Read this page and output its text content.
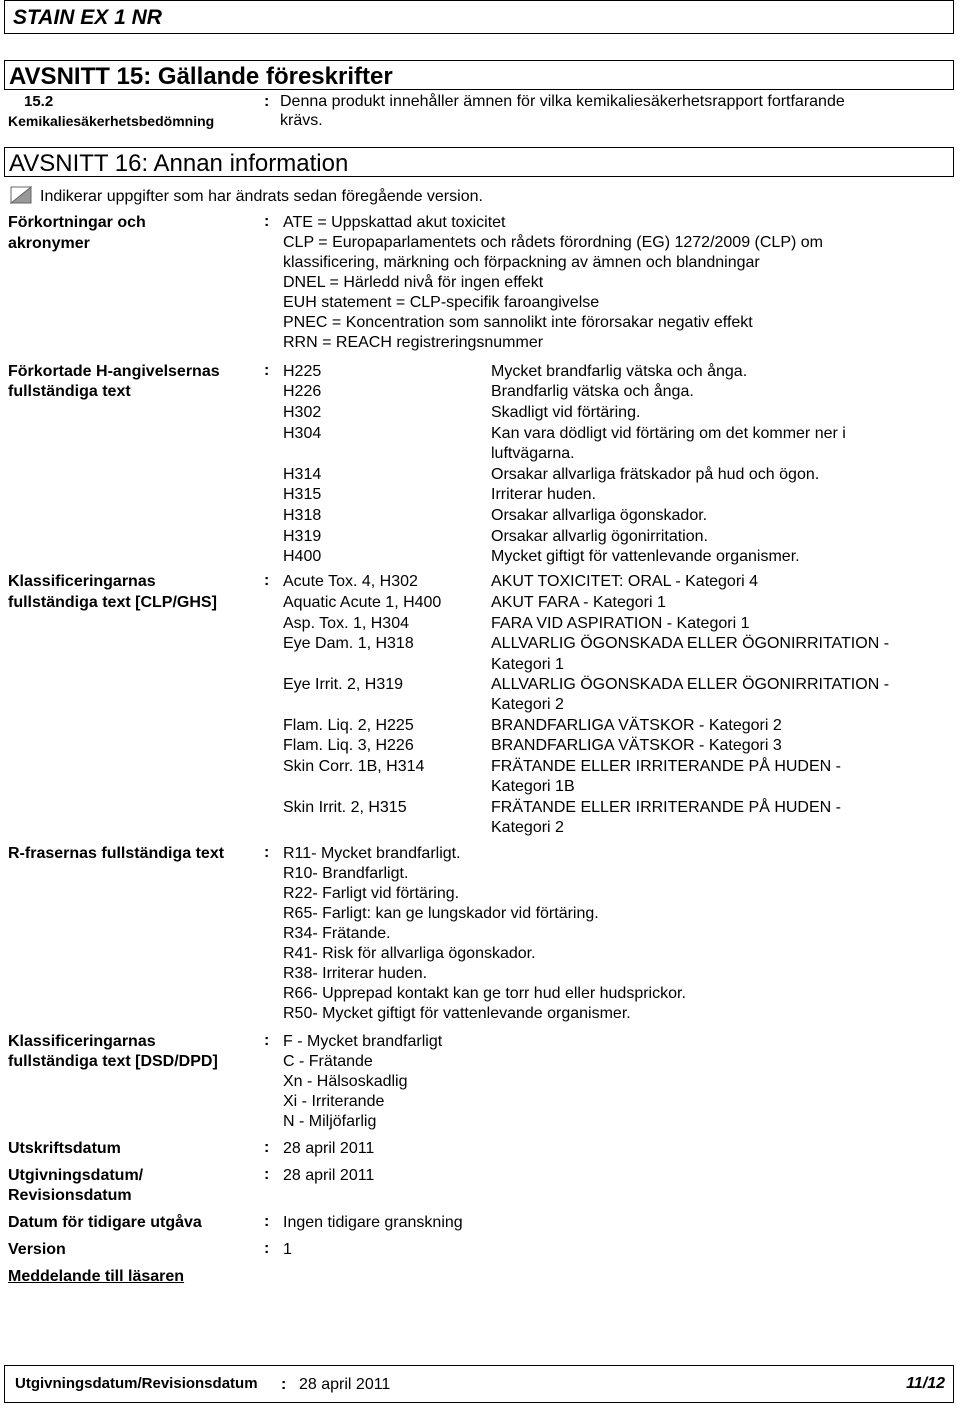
STAIN EX 1 NR
AVSNITT 15: Gällande föreskrifter
15.2
Kemikaliesäkerhetsbedömning
: Denna produkt innehåller ämnen för vilka kemikaliesäkerhetsrapport fortfarande
krävs.
AVSNITT 16: Annan information
Indikerar uppgifter som har ändrats sedan föregående version.
Förkortningar och
akronymer
: ATE = Uppskattad akut toxicitet
CLP = Europaparlamentets och rådets förordning (EG) 1272/2009 (CLP) om
klassificering, märkning och förpackning av ämnen och blandningar
DNEL = Härledd nivå för ingen effekt
EUH statement = CLP-specifik faroangivelse
PNEC = Koncentration som sannolikt inte förorsakar negativ effekt
RRN = REACH registreringsnummer
Förkortade H-angivelsernas
fullständiga text
: H225	Mycket brandfarlig vätska och ånga.
H226	Brandfarlig vätska och ånga.
H302	Skadligt vid förtäring.
H304	Kan vara dödligt vid förtäring om det kommer ner i
luftvägarna.
H314	Orsakar allvarliga frätskador på hud och ögon.
H315	Irriterar huden.
H318	Orsakar allvarliga ögonskador.
H319	Orsakar allvarlig ögonirritation.
H400	Mycket giftigt för vattenlevande organismer.
Klassificeringarnas
fullständiga text [CLP/GHS]
: Acute Tox. 4, H302	AKUT TOXICITET: ORAL - Kategori 4
Aquatic Acute 1, H400	AKUT FARA - Kategori 1
Asp. Tox. 1, H304	FARA VID ASPIRATION - Kategori 1
Eye Dam. 1, H318	ALLVARLIG ÖGONSKADA ELLER ÖGONIRRITATION -
Kategori 1
Eye Irrit. 2, H319	ALLVARLIG ÖGONSKADA ELLER ÖGONIRRITATION -
Kategori 2
Flam. Liq. 2, H225	BRANDFARLIGA VÄTSKOR - Kategori 2
Flam. Liq. 3, H226	BRANDFARLIGA VÄTSKOR - Kategori 3
Skin Corr. 1B, H314	FRÄTANDE ELLER IRRITERANDE PÅ HUDEN -
Kategori 1B
Skin Irrit. 2, H315	FRÄTANDE ELLER IRRITERANDE PÅ HUDEN -
Kategori 2
R-frasernas fullständiga text : R11- Mycket brandfarligt.
R10- Brandfarligt.
R22- Farligt vid förtäring.
R65- Farligt: kan ge lungskador vid förtäring.
R34- Frätande.
R41- Risk för allvarliga ögonskador.
R38- Irriterar huden.
R66- Upprepad kontakt kan ge torr hud eller hudsprickor.
R50- Mycket giftigt för vattenlevande organismer.
Klassificeringarnas
fullständiga text [DSD/DPD]
: F - Mycket brandfarligt
C - Frätande
Xn - Hälsoskadlig
Xi - Irriterande
N - Miljöfarlig
Utskriftsdatum	: 28 april 2011
Utgivningsdatum/
Revisionsdatum
: 28 april 2011
Datum för tidigare utgåva	: Ingen tidigare granskning
Version	: 1
Meddelande till läsaren
Utgivningsdatum/Revisionsdatum : 28 april 2011	11/12
